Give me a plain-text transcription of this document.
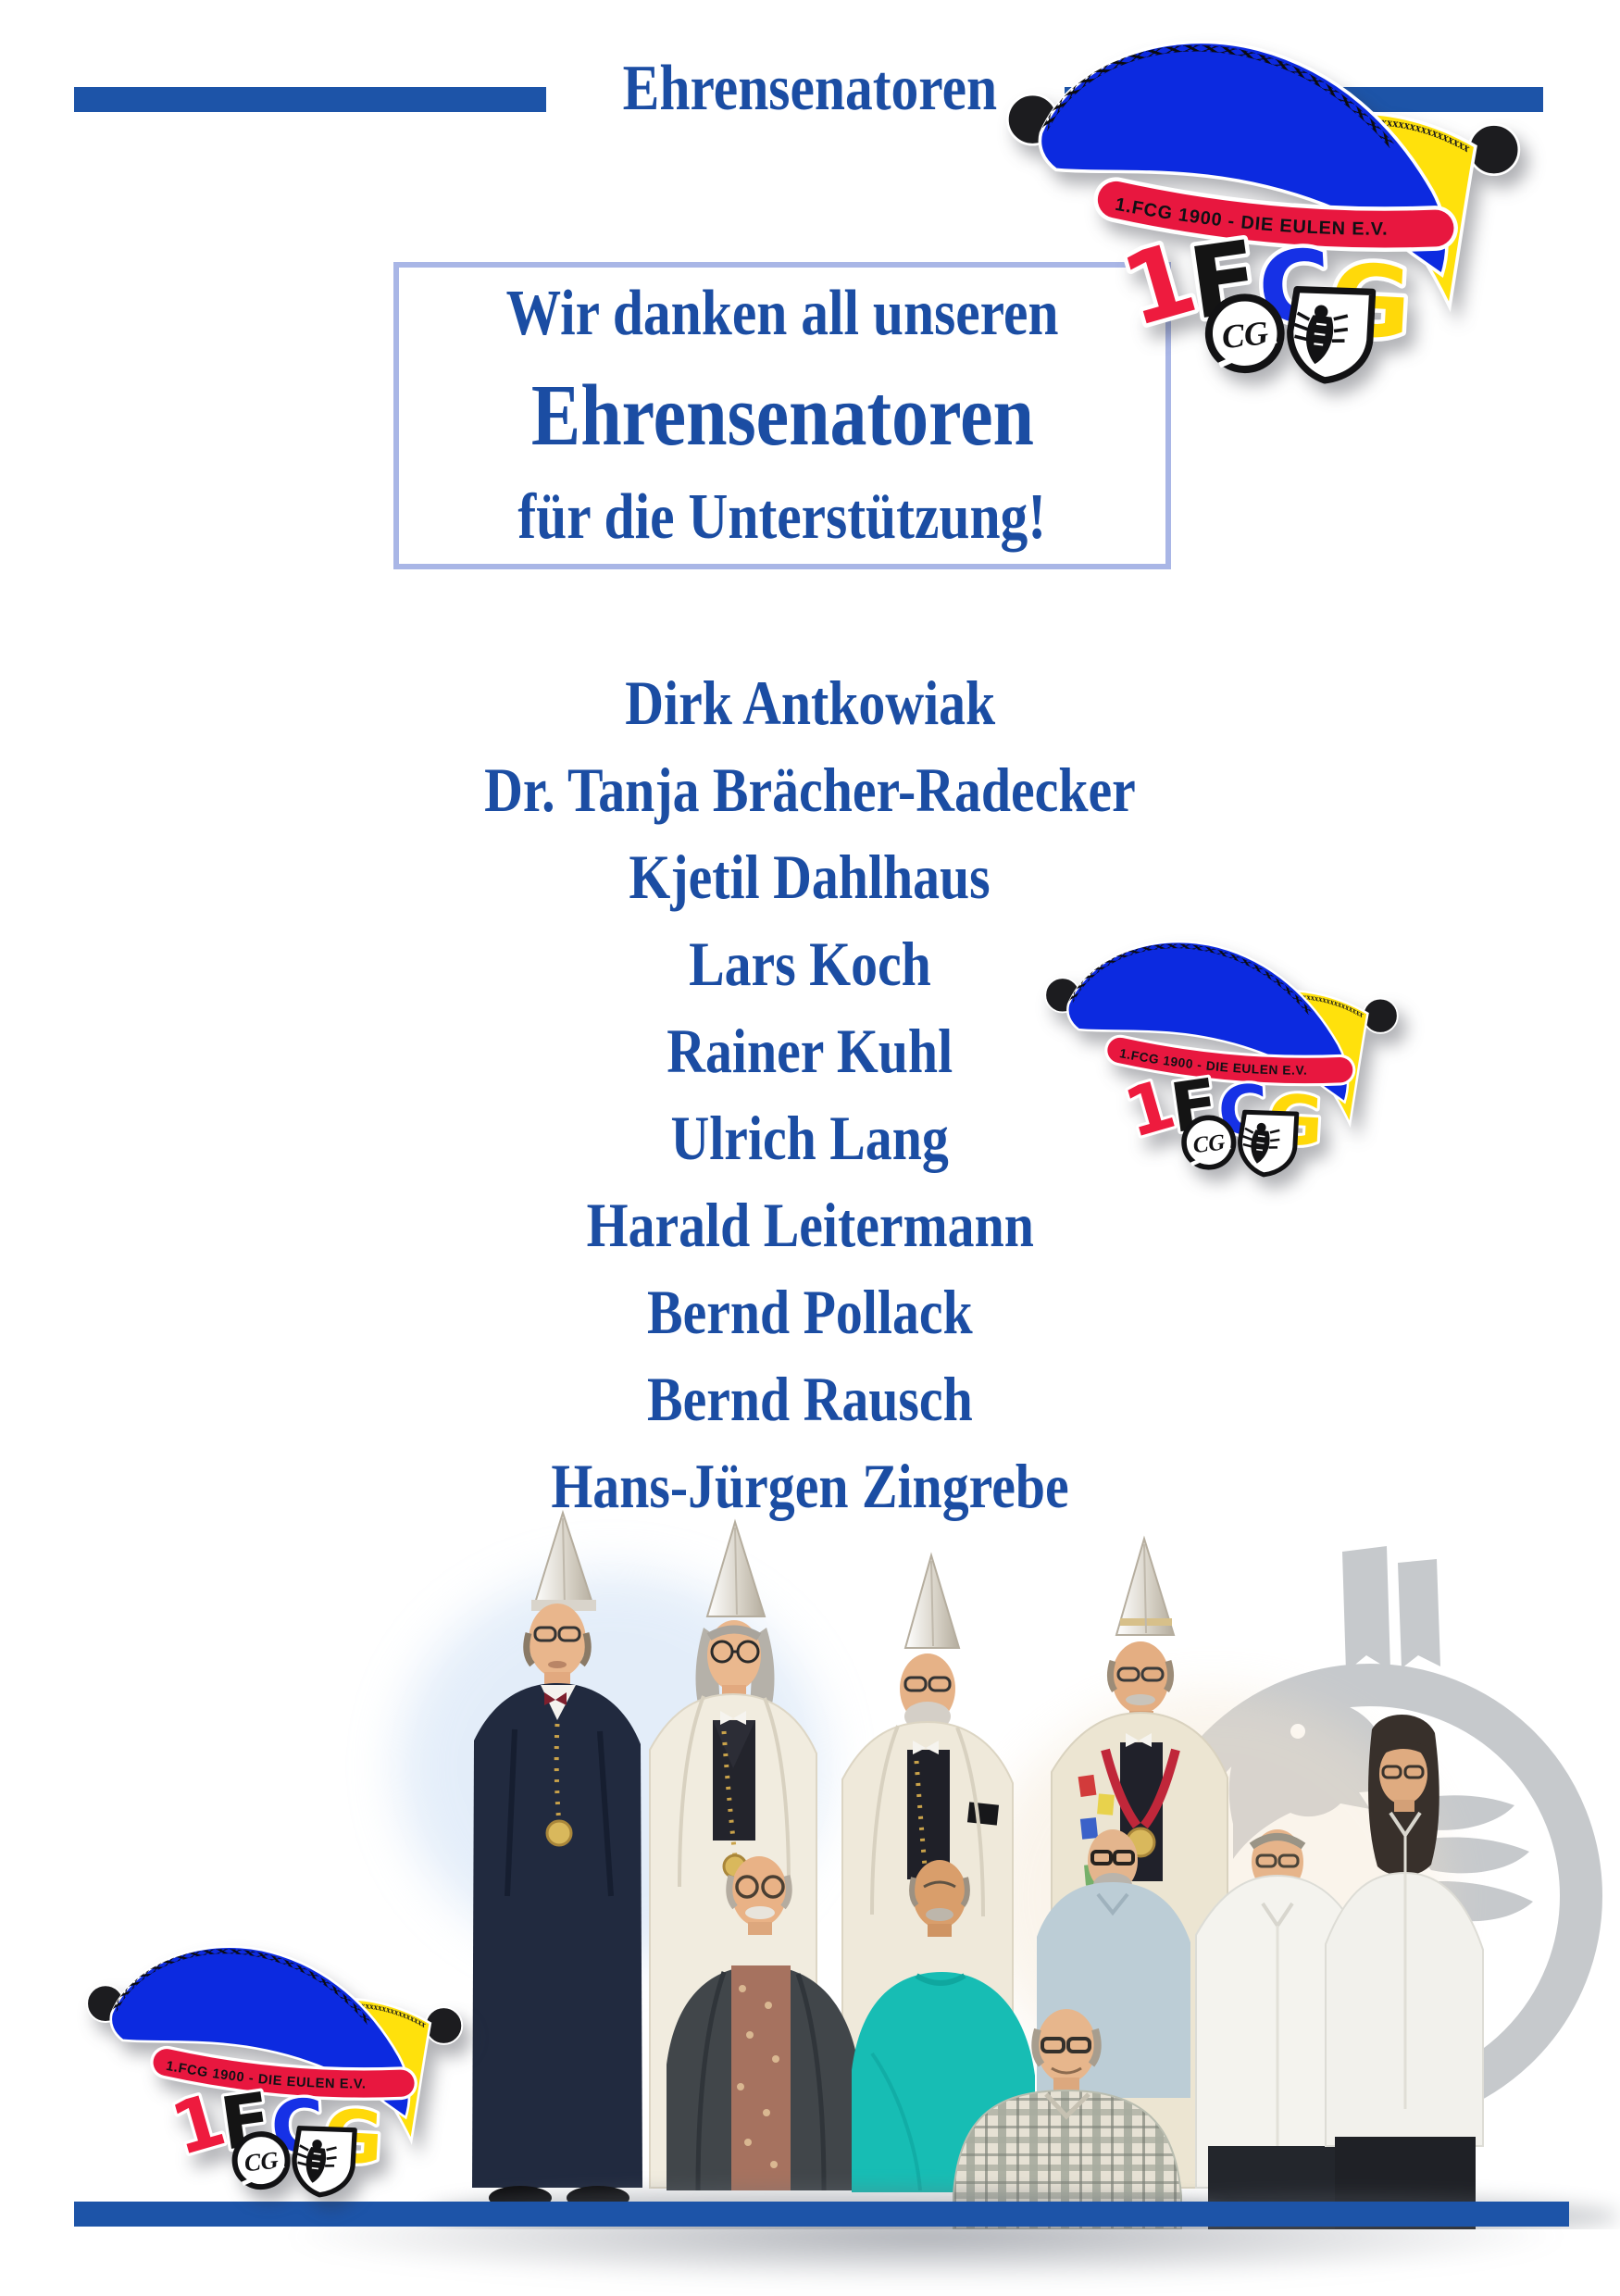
Ehrensenatoren
Wir danken all unseren
Ehrensenatoren
für die Unterstützung!
Dirk Antkowiak
Dr. Tanja Brächer-Radecker
Kjetil Dahlhaus
Lars Koch
Rainer Kuhl
Ulrich Lang
Harald Leitermann
Bernd Pollack
Bernd Rausch
Hans-Jürgen Zingrebe
